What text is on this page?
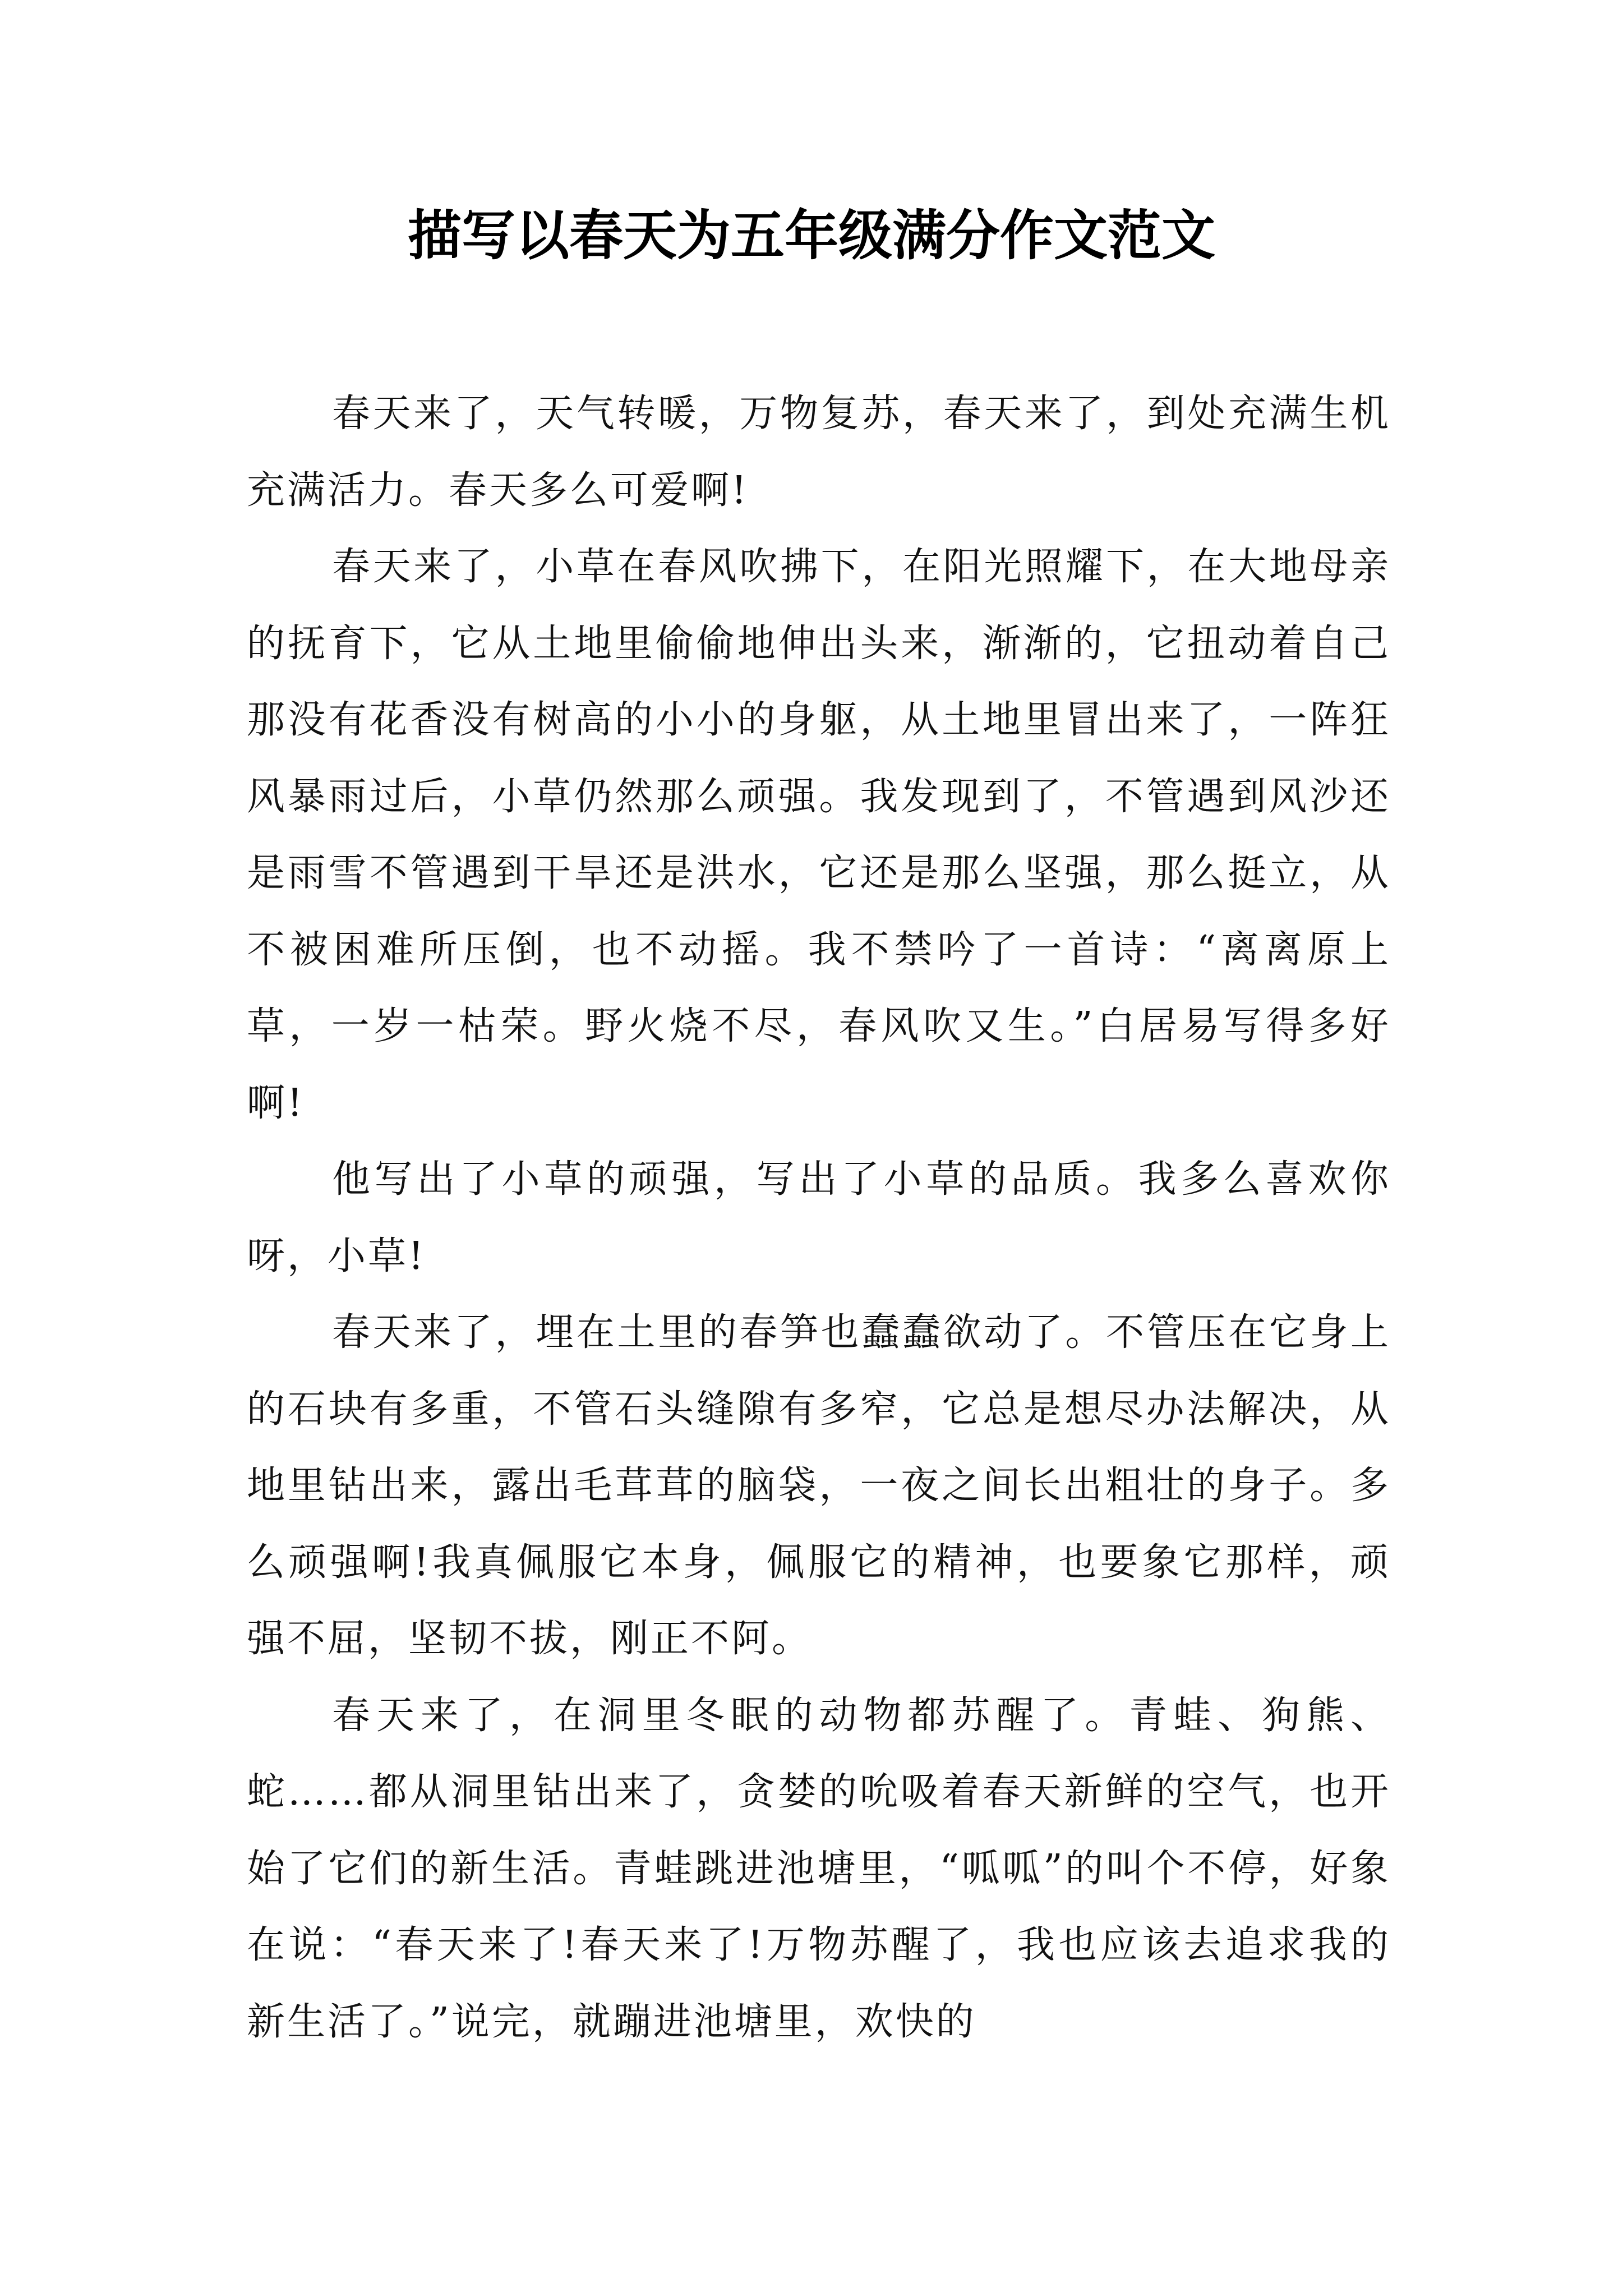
描写以春天为五年级满分作文范文

春天来了，天气转暖，万物复苏，春天来了，到处充满生机充满活力。春天多么可爱啊!

春天来了，小草在春风吹拂下，在阳光照耀下，在大地母亲的抚育下，它从土地里偷偷地伸出头来，渐渐的，它扭动着自己那没有花香没有树高的小小的身躯，从土地里冒出来了，一阵狂风暴雨过后，小草仍然那么顽强。我发现到了，不管遇到风沙还是雨雪不管遇到干旱还是洪水，它还是那么坚强，那么挺立，从不被困难所压倒，也不动摇。我不禁吟了一首诗：“离离原上草，一岁一枯荣。野火烧不尽，春风吹又生。”白居易写得多好啊!

他写出了小草的顽强，写出了小草的品质。我多么喜欢你呀，小草!

春天来了，埋在土里的春笋也蠢蠢欲动了。不管压在它身上的石块有多重，不管石头缝隙有多窄，它总是想尽办法解决，从地里钻出来，露出毛茸茸的脑袋，一夜之间长出粗壮的身子。多么顽强啊!我真佩服它本身，佩服它的精神，也要象它那样，顽强不屈，坚韧不拔，刚正不阿。

春天来了，在洞里冬眠的动物都苏醒了。青蛙、狗熊、蛇……都从洞里钻出来了，贪婪的吮吸着春天新鲜的空气，也开始了它们的新生活。青蛙跳进池塘里，“呱呱”的叫个不停，好象在说：“春天来了!春天来了!万物苏醒了，我也应该去追求我的新生活了。”说完，就蹦进池塘里，欢快的
